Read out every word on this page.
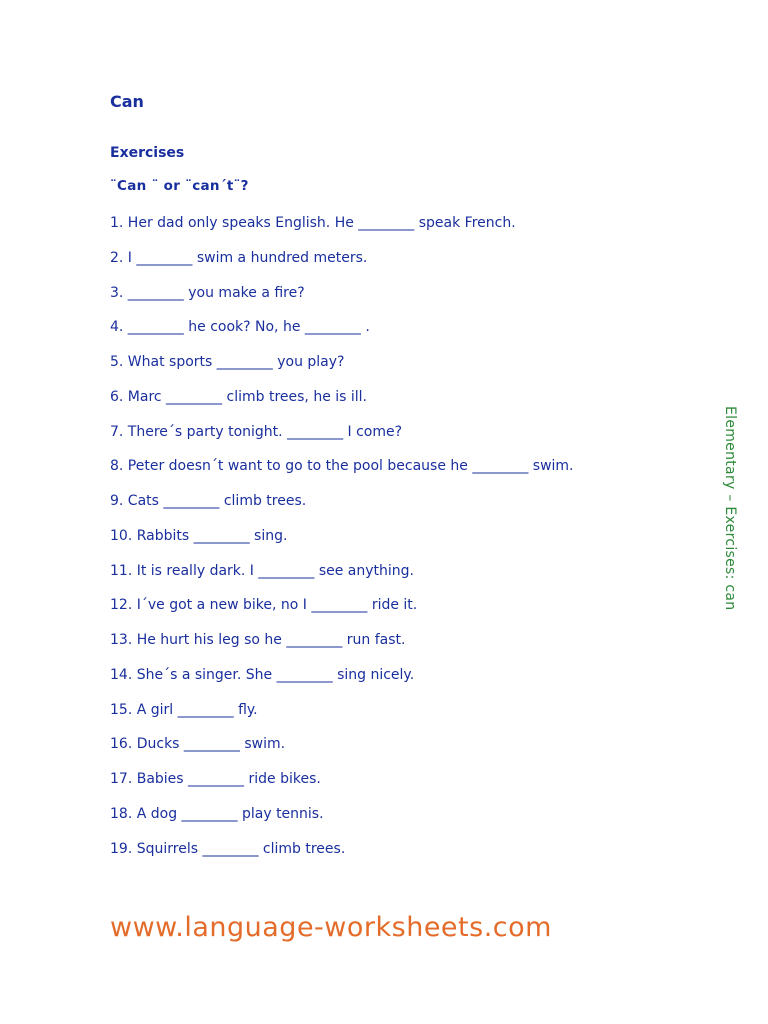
Can
Exercises
¨Can ¨ or ¨can´t¨?
1. Her dad only speaks English. He ________ speak French.
2. I ________ swim a hundred meters.
3. ________ you make a fire?
4. ________ he cook? No, he ________ .
5. What sports ________ you play?
6. Marc ________ climb trees, he is ill.
7. There´s party tonight. ________ I come?
8. Peter doesn´t want to go to the pool because he ________ swim.
9. Cats ________ climb trees.
10. Rabbits ________ sing.
11. It is really dark. I ________ see anything.
12. I´ve got a new bike, no I ________ ride it.
13. He hurt his leg so he ________ run fast.
14. She´s a singer. She ________ sing nicely.
15. A girl ________ fly.
16. Ducks ________ swim.
17. Babies ________ ride bikes.
18. A dog ________ play tennis.
19. Squirrels ________ climb trees.
Elementary – Exercises: can
www.language-worksheets.com
